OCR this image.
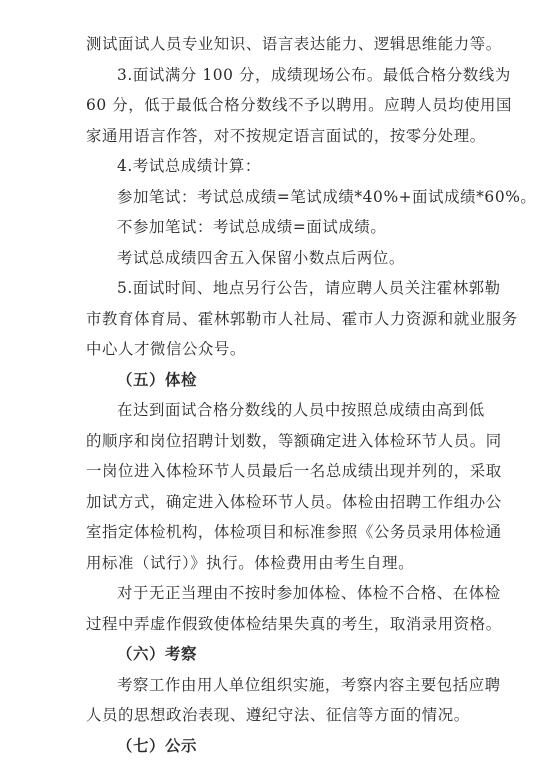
测试面试人员专业知识、语言表达能力、逻辑思维能力等。
3.面试满分 100 分，成绩现场公布。最低合格分数线为
60 分，低于最低合格分数线不予以聘用。应聘人员均使用国
家通用语言作答，对不按规定语言面试的，按零分处理。
4.考试总成绩计算：
参加笔试：考试总成绩=笔试成绩*40%+面试成绩*60%。
不参加笔试：考试总成绩=面试成绩。
考试总成绩四舍五入保留小数点后两位。
5.面试时间、地点另行公告，请应聘人员关注霍林郭勒
市教育体育局、霍林郭勒市人社局、霍市人力资源和就业服务
中心人才微信公众号。
（五）体检
在达到面试合格分数线的人员中按照总成绩由高到低
的顺序和岗位招聘计划数，等额确定进入体检环节人员。同
一岗位进入体检环节人员最后一名总成绩出现并列的，采取
加试方式，确定进入体检环节人员。体检由招聘工作组办公
室指定体检机构，体检项目和标准参照《公务员录用体检通
用标准（试行）》执行。体检费用由考生自理。
对于无正当理由不按时参加体检、体检不合格、在体检
过程中弄虚作假致使体检结果失真的考生，取消录用资格。
（六）考察
考察工作由用人单位组织实施，考察内容主要包括应聘
人员的思想政治表现、遵纪守法、征信等方面的情况。
（七）公示
